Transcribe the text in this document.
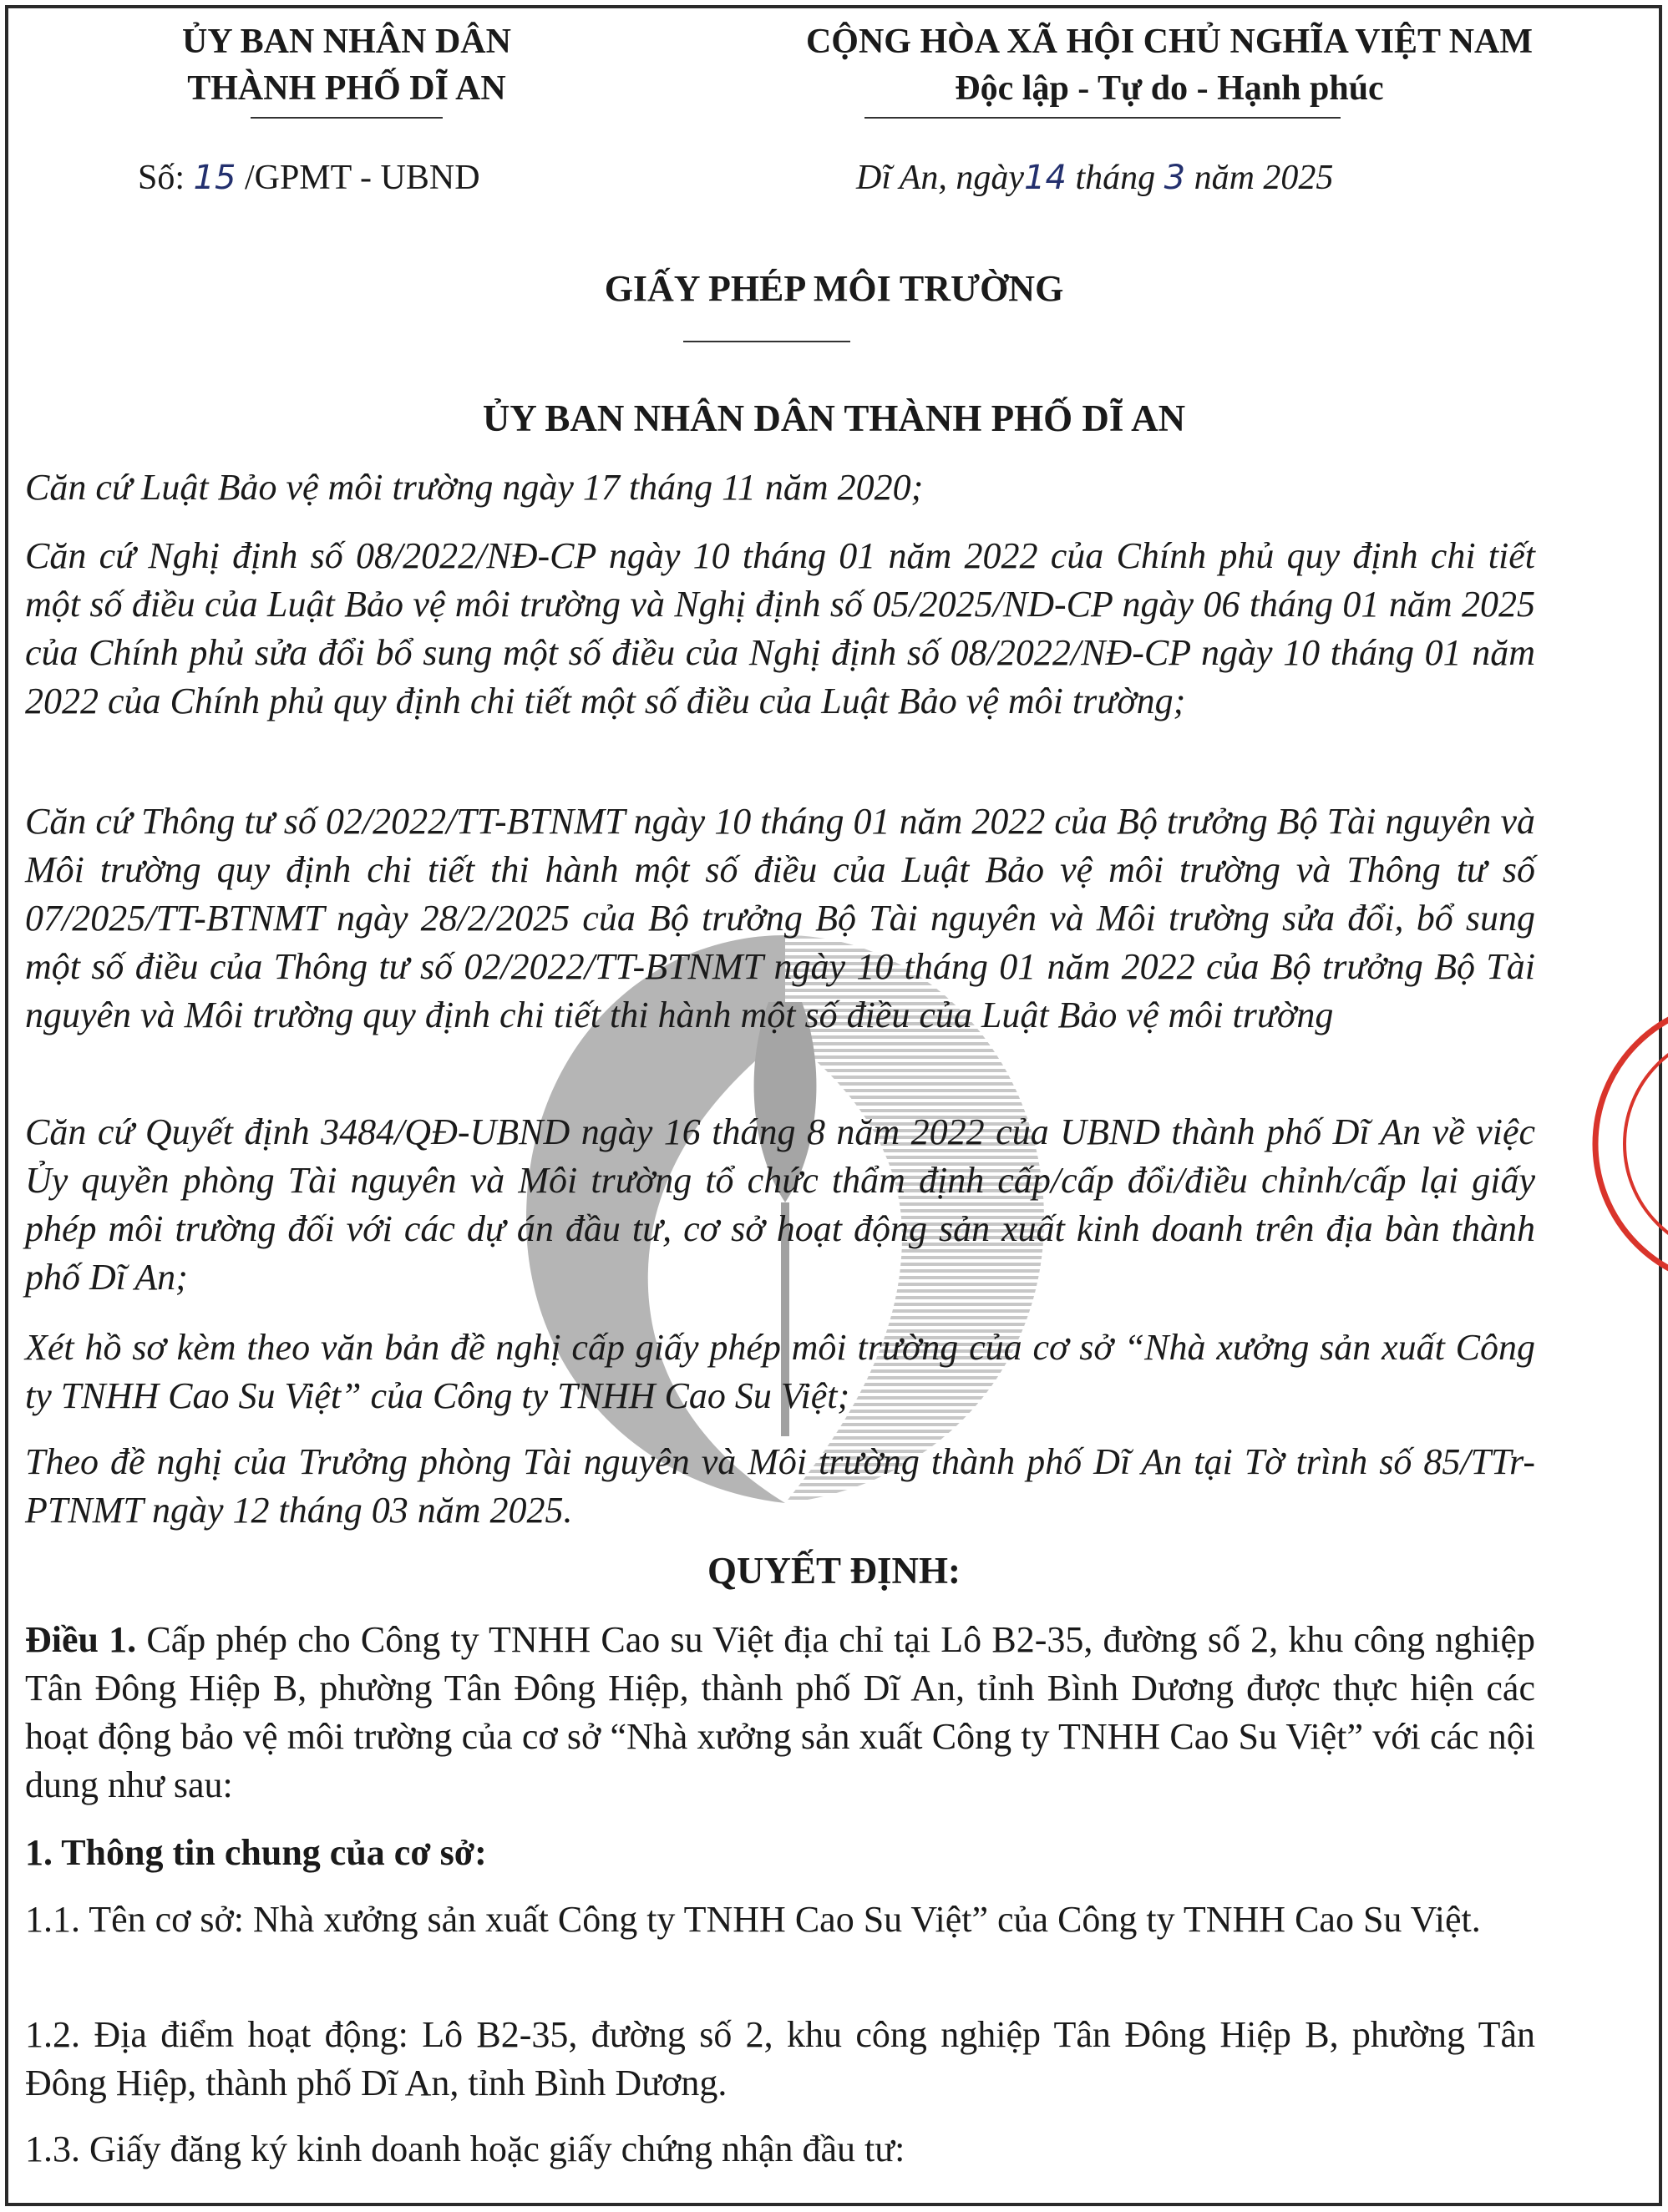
ỦY BAN NHÂN DÂN
THÀNH PHỐ DĨ AN
CỘNG HÒA XÃ HỘI CHỦ NGHĨA VIỆT NAM
Độc lập - Tự do - Hạnh phúc
Số: 15 /GPMT - UBND	Dĩ An, ngày14 tháng 3 năm 2025
GIẤY PHÉP MÔI TRƯỜNG
ỦY BAN NHÂN DÂN THÀNH PHỐ DĨ AN
Căn cứ Luật Bảo vệ môi trường ngày 17 tháng 11 năm 2020;
Căn cứ Nghị định số 08/2022/NĐ-CP ngày 10 tháng 01 năm 2022 của Chính phủ quy định chi tiết một số điều của Luật Bảo vệ môi trường và Nghị định số 05/2025/ND-CP ngày 06 tháng 01 năm 2025 của Chính phủ sửa đổi bổ sung một số điều của Nghị định số 08/2022/NĐ-CP ngày 10 tháng 01 năm 2022 của Chính phủ quy định chi tiết một số điều của Luật Bảo vệ môi trường;
Căn cứ Thông tư số 02/2022/TT-BTNMT ngày 10 tháng 01 năm 2022 của Bộ trưởng Bộ Tài nguyên và Môi trường quy định chi tiết thi hành một số điều của Luật Bảo vệ môi trường và Thông tư số 07/2025/TT-BTNMT ngày 28/2/2025 của Bộ trưởng Bộ Tài nguyên và Môi trường sửa đổi, bổ sung một số điều của Thông tư số 02/2022/TT-BTNMT ngày 10 tháng 01 năm 2022 của Bộ trưởng Bộ Tài nguyên và Môi trường quy định chi tiết thi hành một số điều của Luật Bảo vệ môi trường
Căn cứ Quyết định 3484/QĐ-UBND ngày 16 tháng 8 năm 2022 của UBND thành phố Dĩ An về việc Ủy quyền phòng Tài nguyên và Môi trường tổ chức thẩm định cấp/cấp đổi/điều chỉnh/cấp lại giấy phép môi trường đối với các dự án đầu tư, cơ sở hoạt động sản xuất kinh doanh trên địa bàn thành phố Dĩ An;
Xét hồ sơ kèm theo văn bản đề nghị cấp giấy phép môi trường của cơ sở “Nhà xưởng sản xuất Công ty TNHH Cao Su Việt” của Công ty TNHH Cao Su Việt;
Theo đề nghị của Trưởng phòng Tài nguyên và Môi trường thành phố Dĩ An tại Tờ trình số 85/TTr-PTNMT ngày 12 tháng 03 năm 2025.
QUYẾT ĐỊNH:
Điều 1. Cấp phép cho Công ty TNHH Cao su Việt địa chỉ tại Lô B2-35, đường số 2, khu công nghiệp Tân Đông Hiệp B, phường Tân Đông Hiệp, thành phố Dĩ An, tỉnh Bình Dương được thực hiện các hoạt động bảo vệ môi trường của cơ sở “Nhà xưởng sản xuất Công ty TNHH Cao Su Việt” với các nội dung như sau:
1. Thông tin chung của cơ sở:
1.1. Tên cơ sở: Nhà xưởng sản xuất Công ty TNHH Cao Su Việt” của Công ty TNHH Cao Su Việt.
1.2. Địa điểm hoạt động: Lô B2-35, đường số 2, khu công nghiệp Tân Đông Hiệp B, phường Tân Đông Hiệp, thành phố Dĩ An, tỉnh Bình Dương.
1.3. Giấy đăng ký kinh doanh hoặc giấy chứng nhận đầu tư:
